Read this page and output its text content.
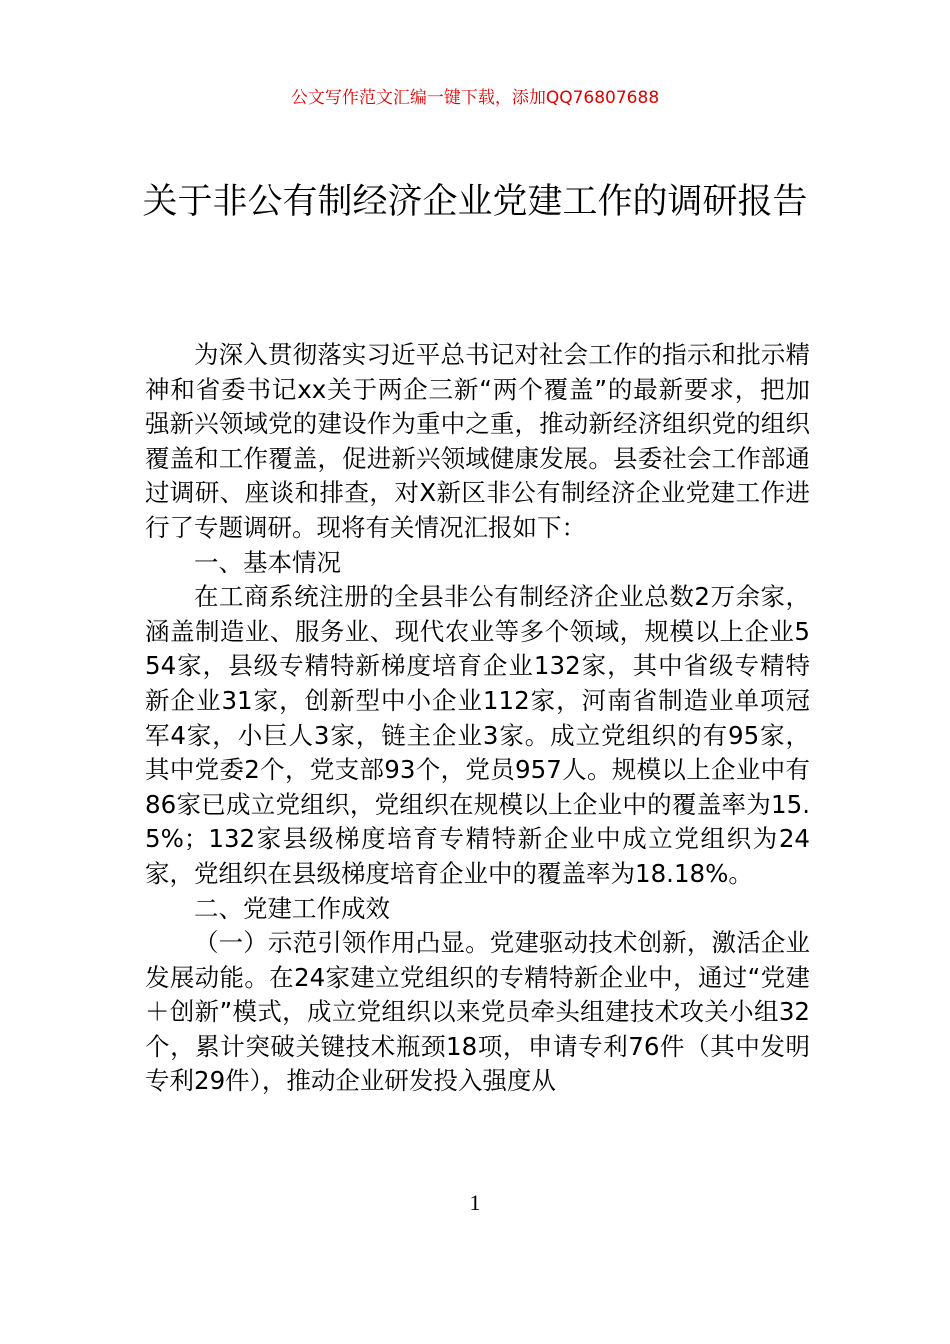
公文写作范文汇编一键下载，添加QQ76807688
关于非公有制经济企业党建工作的调研报告

为深入贯彻落实习近平总书记对社会工作的指示和批示精神和省委书记xx关于两企三新“两个覆盖”的最新要求，把加强新兴领域党的建设作为重中之重，推动新经济组织党的组织覆盖和工作覆盖，促进新兴领域健康发展。县委社会工作部通过调研、座谈和排查，对X新区非公有制经济企业党建工作进行了专题调研。现将有关情况汇报如下：

一、基本情况

在工商系统注册的全县非公有制经济企业总数2万余家，涵盖制造业、服务业、现代农业等多个领域，规模以上企业554家，县级专精特新梯度培育企业132家，其中省级专精特新企业31家，创新型中小企业112家，河南省制造业单项冠军4家，小巨人3家，链主企业3家。成立党组织的有95家，其中党委2个，党支部93个，党员957人。规模以上企业中有86家已成立党组织，党组织在规模以上企业中的覆盖率为15.5%；132家县级梯度培育专精特新企业中成立党组织为24家，党组织在县级梯度培育企业中的覆盖率为18.18%。

二、党建工作成效

（一）示范引领作用凸显。党建驱动技术创新，激活企业发展动能。在24家建立党组织的专精特新企业中，通过“党建＋创新”模式，成立党组织以来党员牵头组建技术攻关小组32个，累计突破关键技术瓶颈18项，申请专利76件（其中发明专利29件），推动企业研发投入强度从

1
